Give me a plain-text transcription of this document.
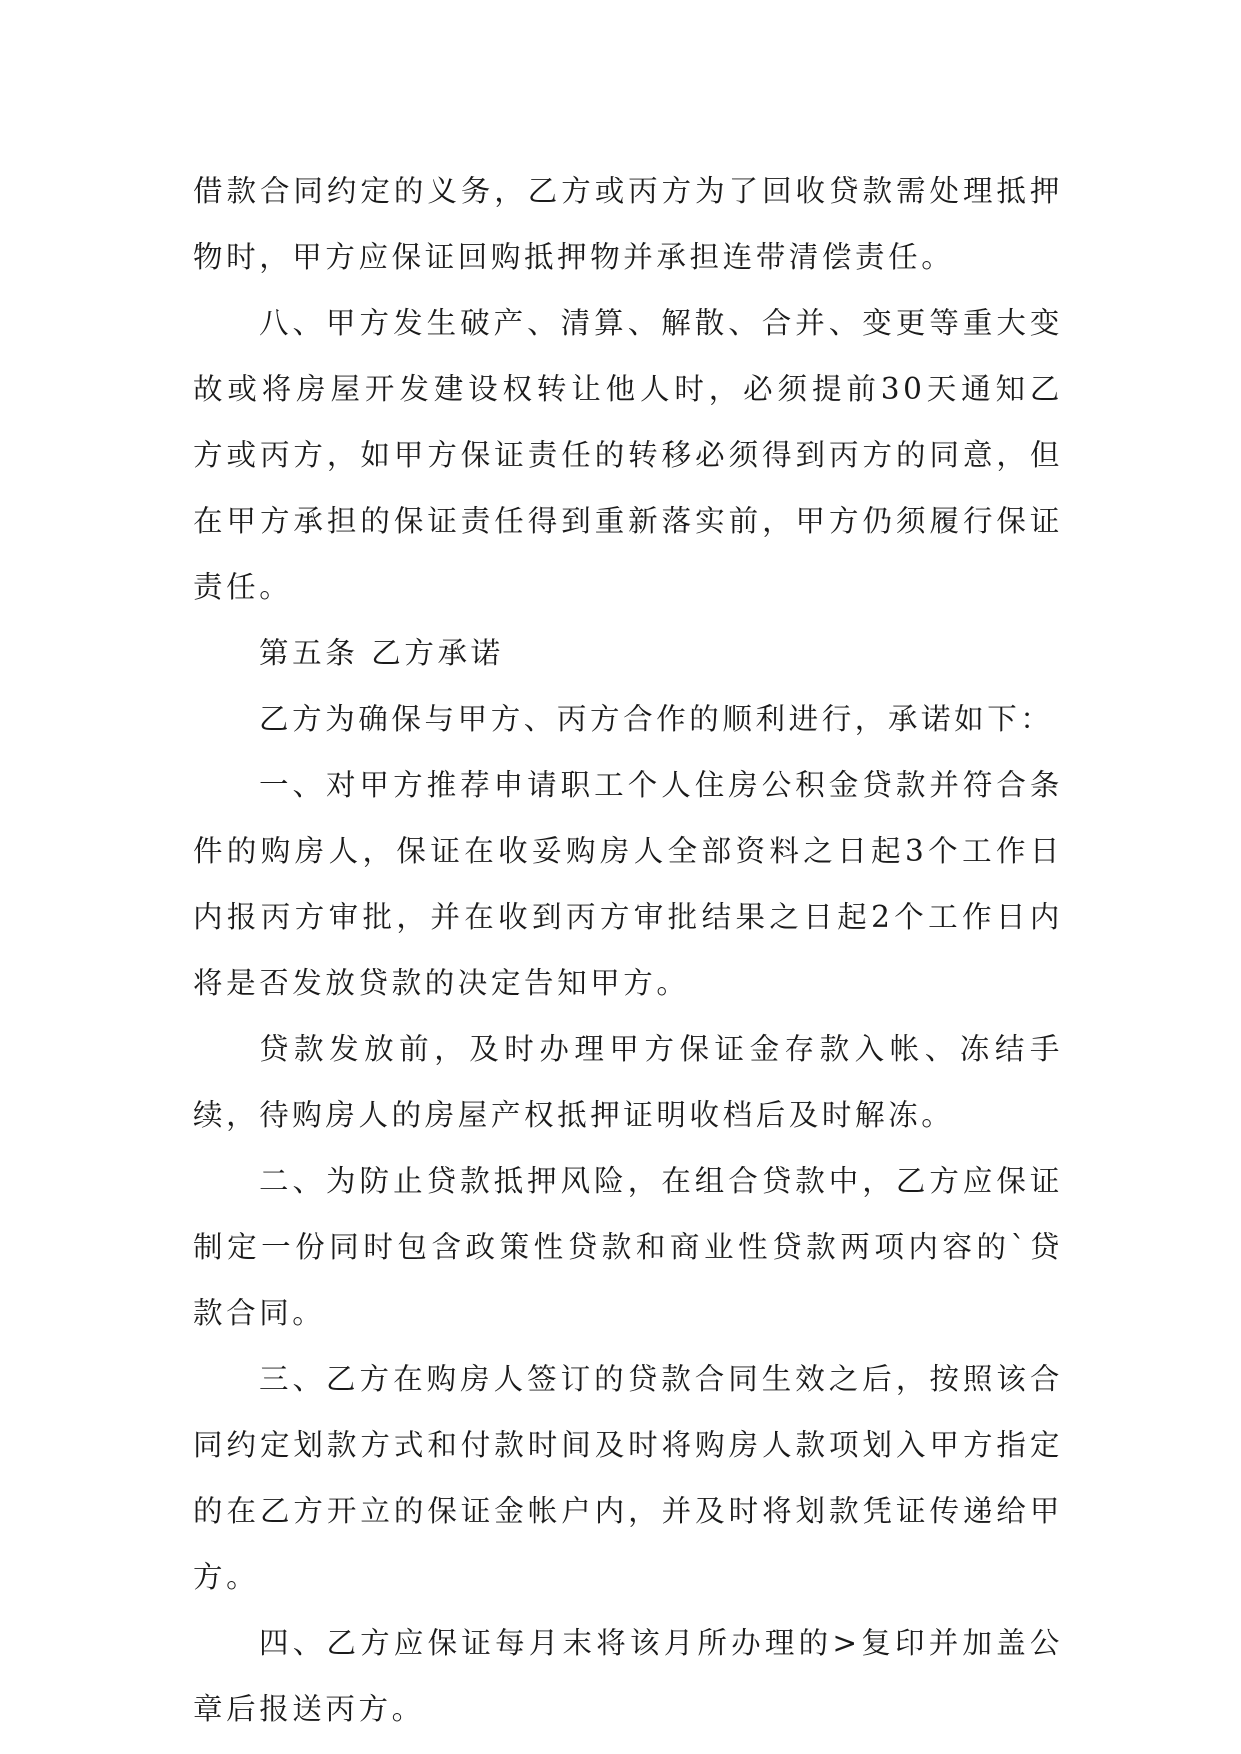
借款合同约定的义务，乙方或丙方为了回收贷款需处理抵押物时，甲方应保证回购抵押物并承担连带清偿责任。

八、甲方发生破产、清算、解散、合并、变更等重大变故或将房屋开发建设权转让他人时，必须提前30天通知乙方或丙方，如甲方保证责任的转移必须得到丙方的同意，但在甲方承担的保证责任得到重新落实前，甲方仍须履行保证责任。

第五条 乙方承诺

乙方为确保与甲方、丙方合作的顺利进行，承诺如下：

一、对甲方推荐申请职工个人住房公积金贷款并符合条件的购房人，保证在收妥购房人全部资料之日起3个工作日内报丙方审批，并在收到丙方审批结果之日起2个工作日内将是否发放贷款的决定告知甲方。

贷款发放前，及时办理甲方保证金存款入帐、冻结手续，待购房人的房屋产权抵押证明收档后及时解冻。

二、为防止贷款抵押风险，在组合贷款中，乙方应保证制定一份同时包含政策性贷款和商业性贷款两项内容的`贷款合同。

三、乙方在购房人签订的贷款合同生效之后，按照该合同约定划款方式和付款时间及时将购房人款项划入甲方指定的在乙方开立的保证金帐户内，并及时将划款凭证传递给甲方。

四、乙方应保证每月末将该月所办理的>复印并加盖公章后报送丙方。
